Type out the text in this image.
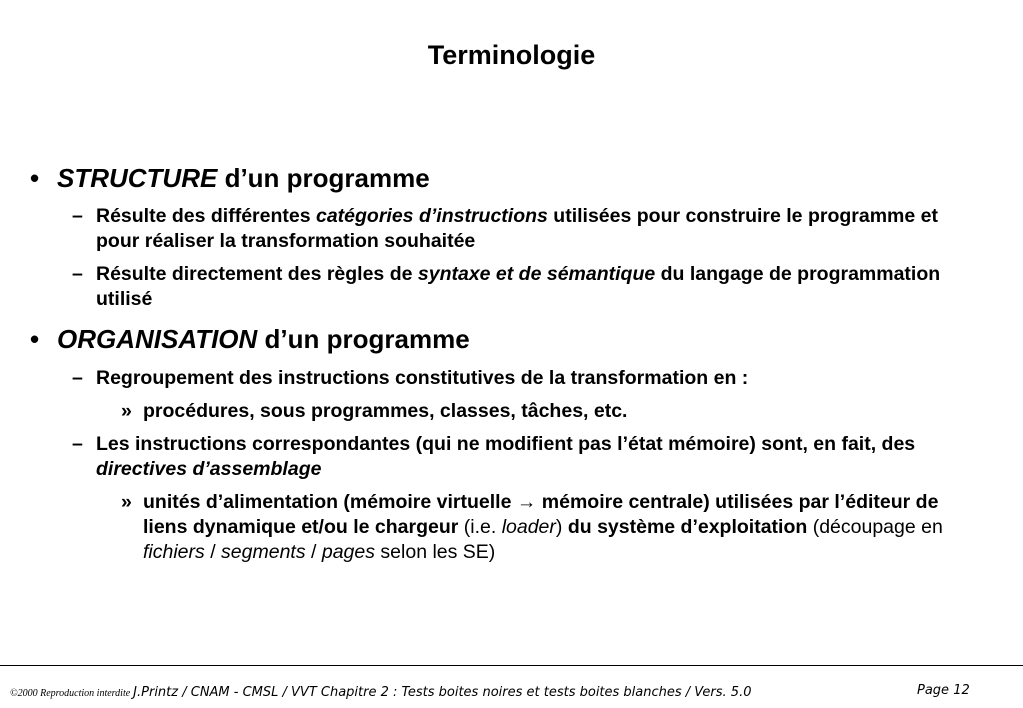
Terminologie
• STRUCTURE d’un programme
– Résulte des différentes catégories d’instructions utilisées pour construire le programme et pour réaliser la transformation souhaitée
– Résulte directement des règles de syntaxe et de sémantique du langage de programmation utilisé
• ORGANISATION d’un programme
– Regroupement des instructions constitutives de la transformation en :
» procédures, sous programmes, classes, tâches, etc.
– Les instructions correspondantes (qui ne modifient pas l’état mémoire) sont, en fait, des directives d’assemblage
» unités d’alimentation (mémoire virtuelle → mémoire centrale) utilisées par l’éditeur de liens dynamique et/ou le chargeur (i.e. loader) du système d’exploitation (découpage en fichiers / segments / pages selon les SE)
©2000 Reproduction interdite J.Printz / CNAM - CMSL / VVT Chapitre 2 : Tests boites noires et tests boites blanches / Vers. 5.0	Page 12
